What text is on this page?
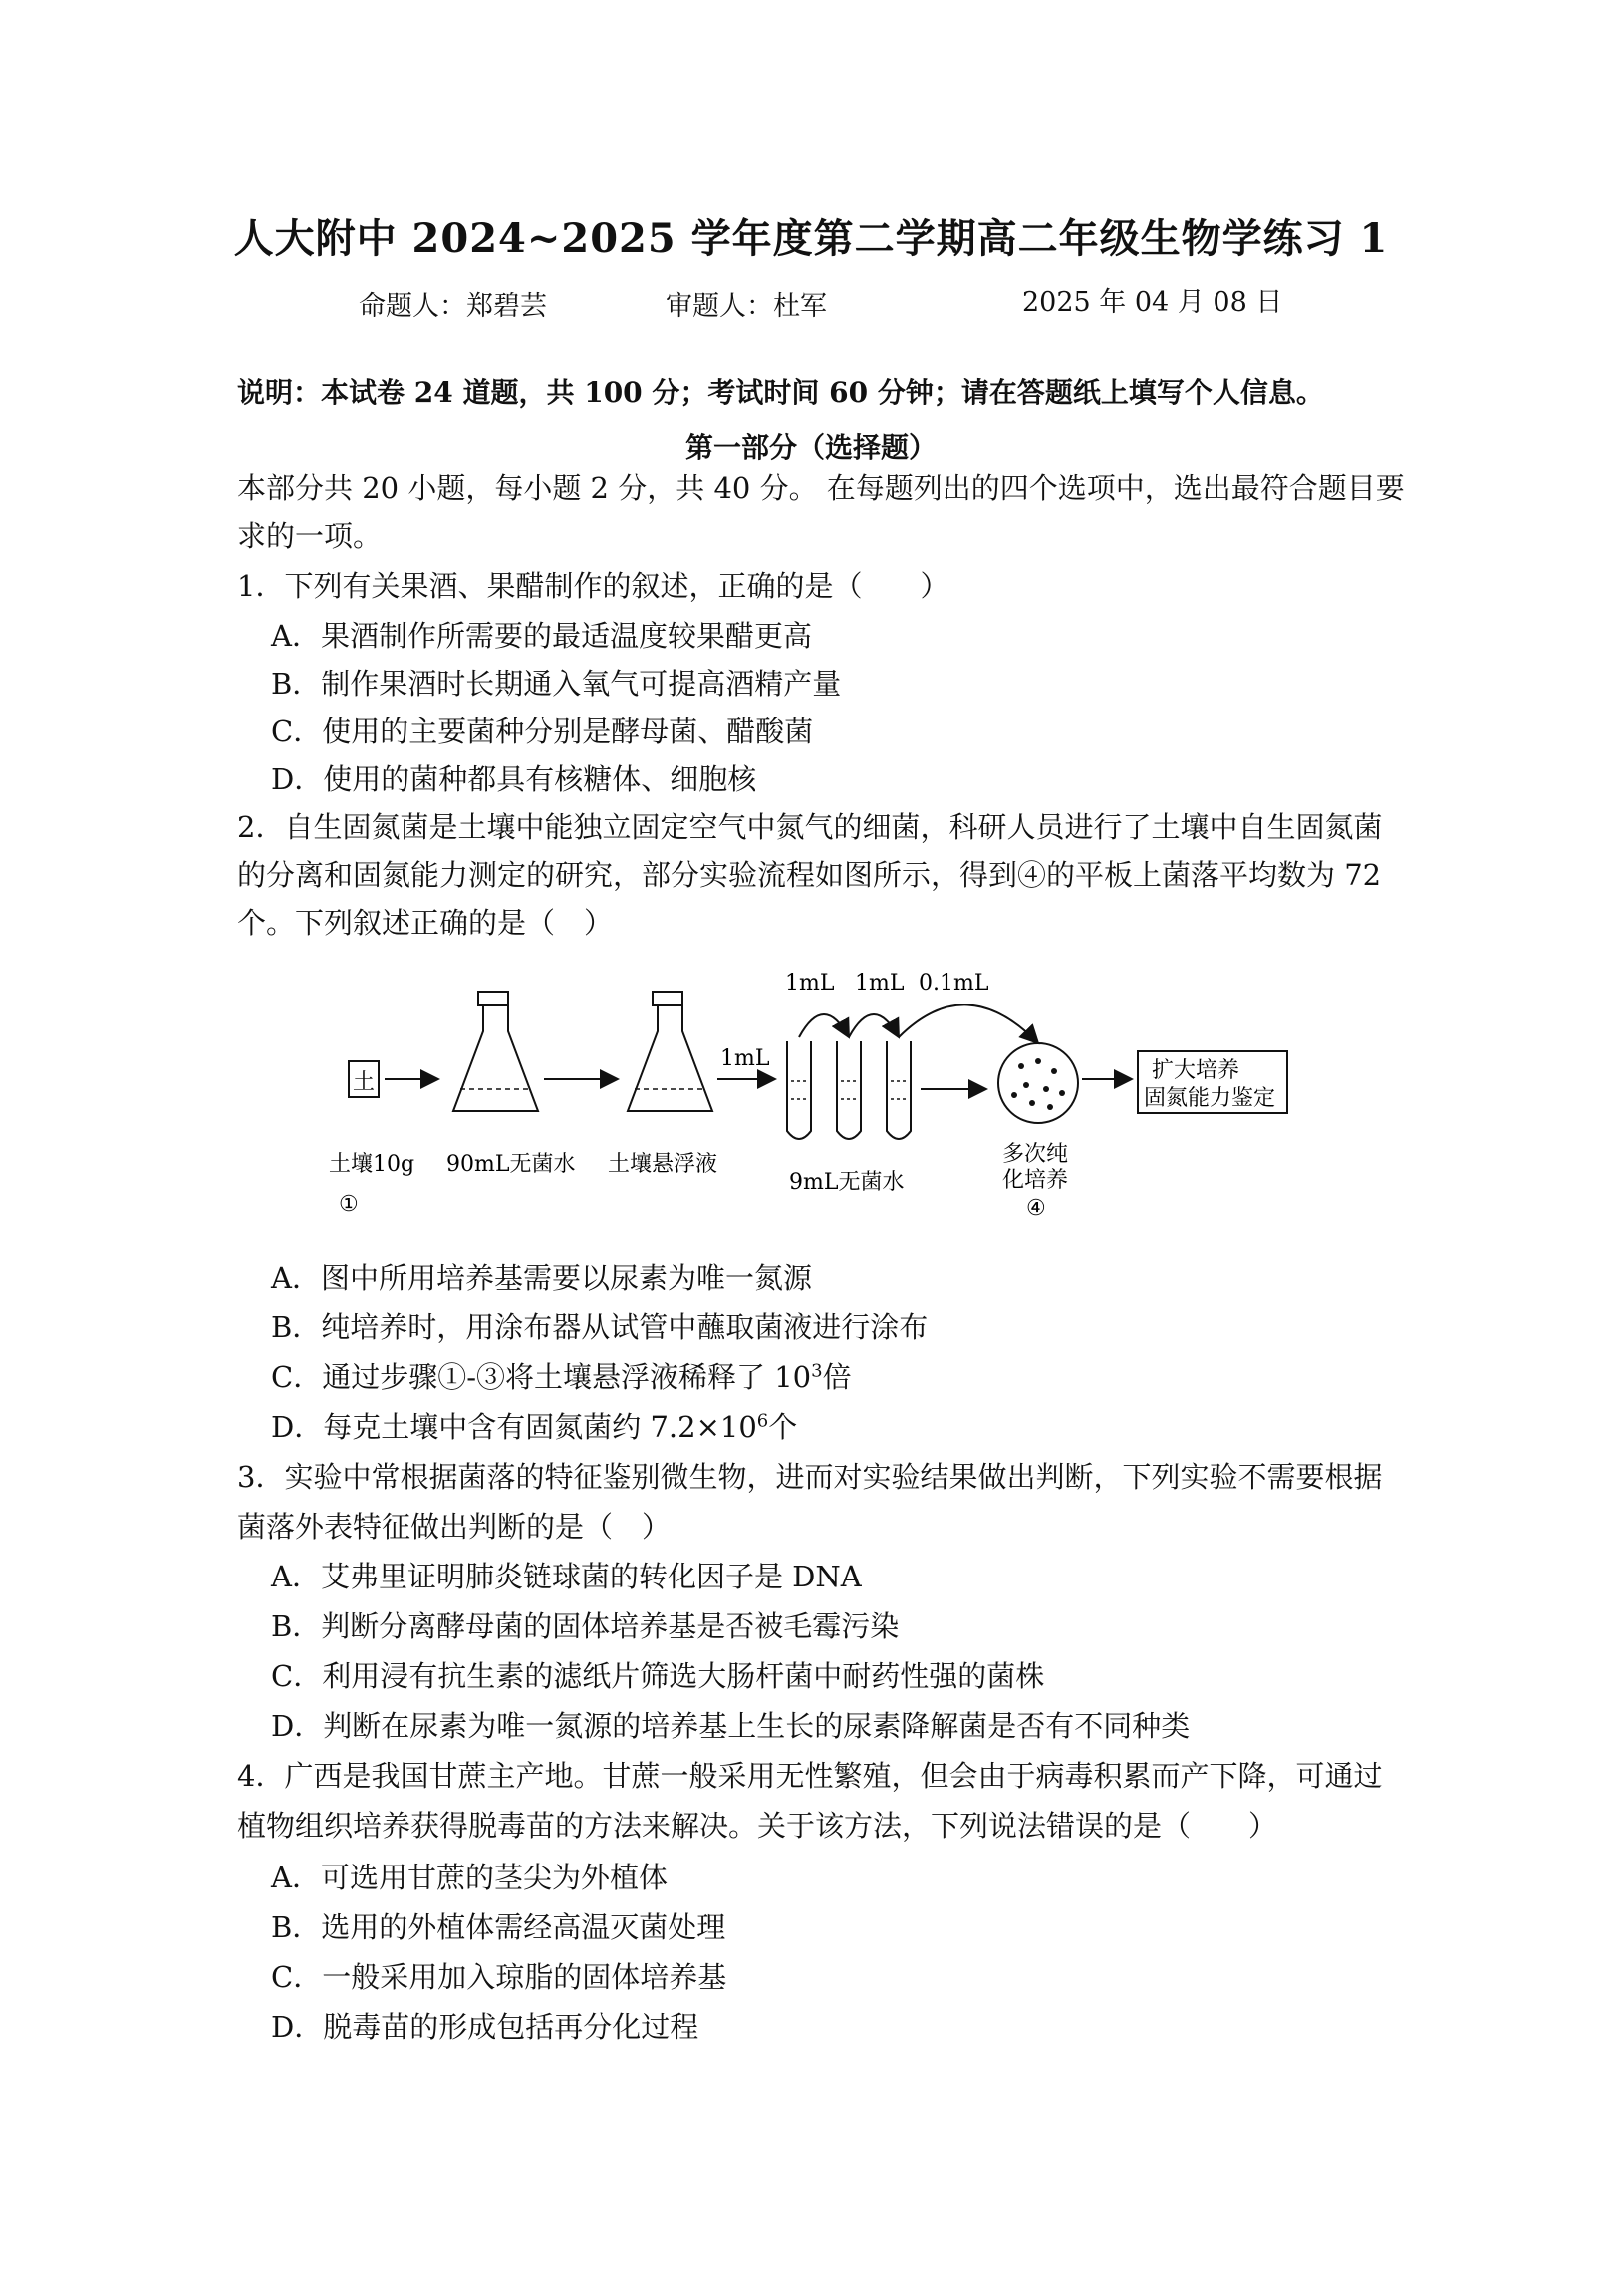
人大附中 2024~2025 学年度第二学期高二年级生物学练习 1
命题人：郑碧芸	审题人：杜军	2025 年 04 月 08 日
说明：本试卷 24 道题，共 100 分；考试时间 60 分钟；请在答题纸上填写个人信息。
第一部分（选择题）
本部分共 20 小题，每小题 2 分，共 40 分。 在每题列出的四个选项中，选出最符合题目要
求的一项。
1．下列有关果酒、果醋制作的叙述，正确的是（　　）
A．果酒制作所需要的最适温度较果醋更高
B．制作果酒时长期通入氧气可提高酒精产量
C．使用的主要菌种分别是酵母菌、醋酸菌
D．使用的菌种都具有核糖体、细胞核
2．自生固氮菌是土壤中能独立固定空气中氮气的细菌，科研人员进行了土壤中自生固氮菌
的分离和固氮能力测定的研究，部分实验流程如图所示，得到④的平板上菌落平均数为 72
个。下列叙述正确的是（　）
土
1mL
1mL 1mL 0.1mL
扩大培养
固氮能力鉴定
土壤10g
①
90mL无菌水 土壤悬浮液
9mL无菌水
多次纯
化培养
④
A．图中所用培养基需要以尿素为唯一氮源
B．纯培养时，用涂布器从试管中蘸取菌液进行涂布
C．通过步骤①-③将土壤悬浮液稀释了 $10^3$倍
D．每克土壤中含有固氮菌约 $7.2\times 10^6$个
3．实验中常根据菌落的特征鉴别微生物，进而对实验结果做出判断，下列实验不需要根据
菌落外表特征做出判断的是（　）
A．艾弗里证明肺炎链球菌的转化因子是 DNA
B．判断分离酵母菌的固体培养基是否被毛霉污染
C．利用浸有抗生素的滤纸片筛选大肠杆菌中耐药性强的菌株
D．判断在尿素为唯一氮源的培养基上生长的尿素降解菌是否有不同种类
4．广西是我国甘蔗主产地。甘蔗一般采用无性繁殖，但会由于病毒积累而产下降，可通过
植物组织培养获得脱毒苗的方法来解决。关于该方法，下列说法错误的是（　　）
A．可选用甘蔗的茎尖为外植体
B．选用的外植体需经高温灭菌处理
C．一般采用加入琼脂的固体培养基
D．脱毒苗的形成包括再分化过程
